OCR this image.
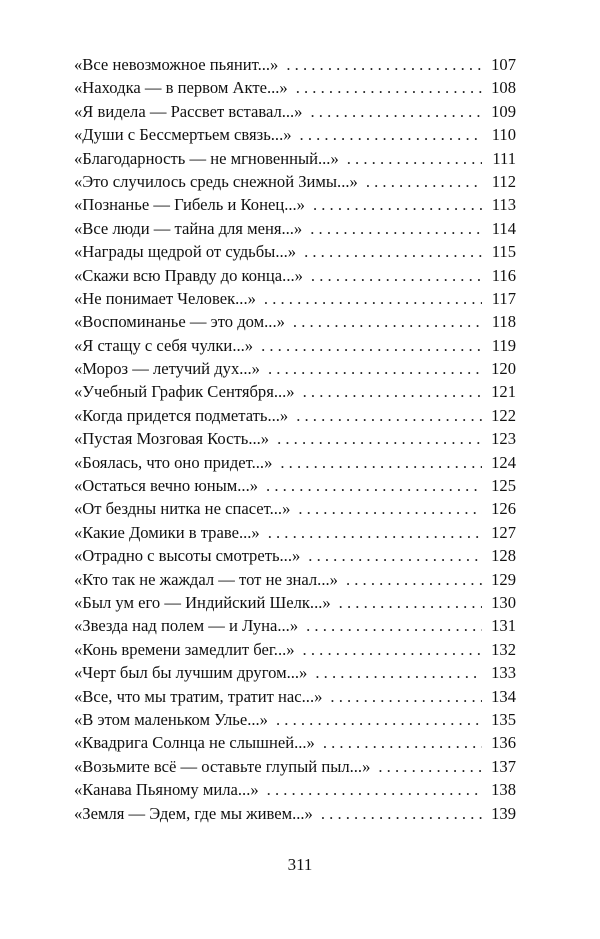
«Все невозможное пьянит...» . . .	107
«Находка — в первом Акте...» . . .	108
«Я видела — Рассвет вставал...» . . .	109
«Души с Бессмертьем связь...» . . .	110
«Благодарность — не мгновенный...» . . .	111
«Это случилось средь снежной Зимы...» . . .	112
«Познанье — Гибель и Конец...» . . .	113
«Все люди — тайна для меня...» . . .	114
«Награды щедрой от судьбы...» . . .	115
«Скажи всю Правду до конца...» . . .	116
«Не понимает Человек...» . . .	117
«Воспоминанье — это дом...» . . .	118
«Я стащу с себя чулки...» . . .	119
«Мороз — летучий дух...» . . .	120
«Учебный График Сентября...» . . .	121
«Когда придется подметать...» . . .	122
«Пустая Мозговая Кость...» . . .	123
«Боялась, что оно придет...» . . .	124
«Остаться вечно юным...» . . .	125
«От бездны нитка не спасет...» . . .	126
«Какие Домики в траве...» . . .	127
«Отрадно с высоты смотреть...» . . .	128
«Кто так не жаждал — тот не знал...» . . .	129
«Был ум его — Индийский Шелк...» . . .	130
«Звезда над полем — и Луна...» . . .	131
«Конь времени замедлит бег...» . . .	132
«Черт был бы лучшим другом...» . . .	133
«Все, что мы тратим, тратит нас...» . . .	134
«В этом маленьком Улье...» . . .	135
«Квадрига Солнца не слышней...» . . .	136
«Возьмите всё — оставьте глупый пыл...» . . .	137
«Канава Пьяному мила...» . . .	138
«Земля — Эдем, где мы живем...» . . .	139
311
